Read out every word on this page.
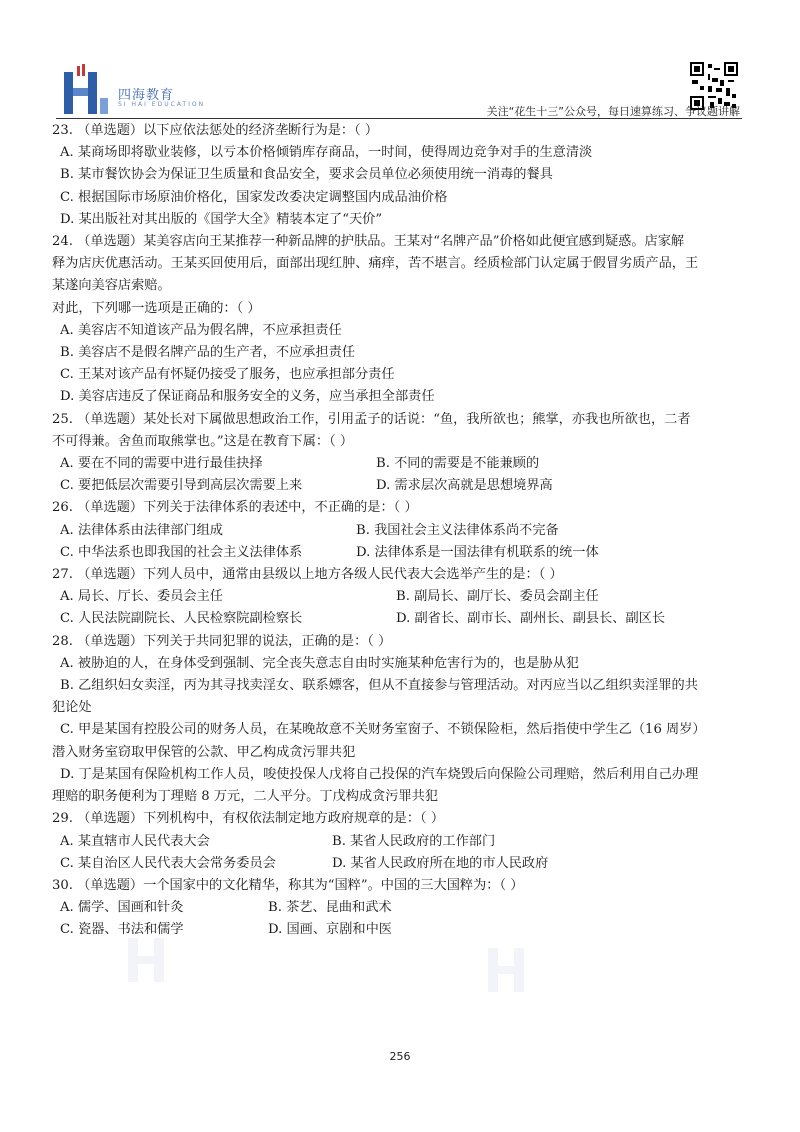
四海教育
SI HAI EDUCATION
关注“花生十三”公众号，每日速算练习、争议题讲解
23. （单选题）以下应依法惩处的经济垄断行为是：（ ）
A. 某商场即将歇业装修，以亏本价格倾销库存商品，一时间，使得周边竞争对手的生意清淡
B. 某市餐饮协会为保证卫生质量和食品安全，要求会员单位必须使用统一消毒的餐具
C. 根据国际市场原油价格化，国家发改委决定调整国内成品油价格
D. 某出版社对其出版的《国学大全》精装本定了“天价”
24. （单选题）某美容店向王某推荐一种新品牌的护肤品。王某对“名牌产品”价格如此便宜感到疑惑。店家解
释为店庆优惠活动。王某买回使用后，面部出现红肿、痛痒，苦不堪言。经质检部门认定属于假冒劣质产品，王
某遂向美容店索赔。
对此，下列哪一选项是正确的：（ ）
A. 美容店不知道该产品为假名牌，不应承担责任
B. 美容店不是假名牌产品的生产者，不应承担责任
C. 王某对该产品有怀疑仍接受了服务，也应承担部分责任
D. 美容店违反了保证商品和服务安全的义务，应当承担全部责任
25. （单选题）某处长对下属做思想政治工作，引用孟子的话说：“鱼，我所欲也；熊掌，亦我也所欲也，二者
不可得兼。舍鱼而取熊掌也。”这是在教育下属：（ ）
A. 要在不同的需要中进行最佳抉择	B. 不同的需要是不能兼顾的
C. 要把低层次需要引导到高层次需要上来	D. 需求层次高就是思想境界高
26. （单选题）下列关于法律体系的表述中，不正确的是：（ ）
A. 法律体系由法律部门组成	B. 我国社会主义法律体系尚不完备
C. 中华法系也即我国的社会主义法律体系	D. 法律体系是一国法律有机联系的统一体
27. （单选题）下列人员中，通常由县级以上地方各级人民代表大会选举产生的是：（ ）
A. 局长、厅长、委员会主任	B. 副局长、副厅长、委员会副主任
C. 人民法院副院长、人民检察院副检察长	D. 副省长、副市长、副州长、副县长、副区长
28. （单选题）下列关于共同犯罪的说法，正确的是：（ ）
A. 被胁迫的人，在身体受到强制、完全丧失意志自由时实施某种危害行为的，也是胁从犯
B. 乙组织妇女卖淫，丙为其寻找卖淫女、联系嫖客，但从不直接参与管理活动。对丙应当以乙组织卖淫罪的共
犯论处
C. 甲是某国有控股公司的财务人员，在某晚故意不关财务室窗子、不锁保险柜，然后指使中学生乙（16 周岁）
潜入财务室窃取甲保管的公款、甲乙构成贪污罪共犯
D. 丁是某国有保险机构工作人员，唆使投保人戊将自己投保的汽车烧毁后向保险公司理赔，然后利用自己办理
理赔的职务便利为丁理赔 8 万元，二人平分。丁戊构成贪污罪共犯
29. （单选题）下列机构中，有权依法制定地方政府规章的是：（ ）
A. 某直辖市人民代表大会	B. 某省人民政府的工作部门
C. 某自治区人民代表大会常务委员会	D. 某省人民政府所在地的市人民政府
30. （单选题）一个国家中的文化精华，称其为“国粹”。中国的三大国粹为：（ ）
A. 儒学、国画和针灸	B. 茶艺、昆曲和武术
C. 瓷器、书法和儒学	D. 国画、京剧和中医
256
